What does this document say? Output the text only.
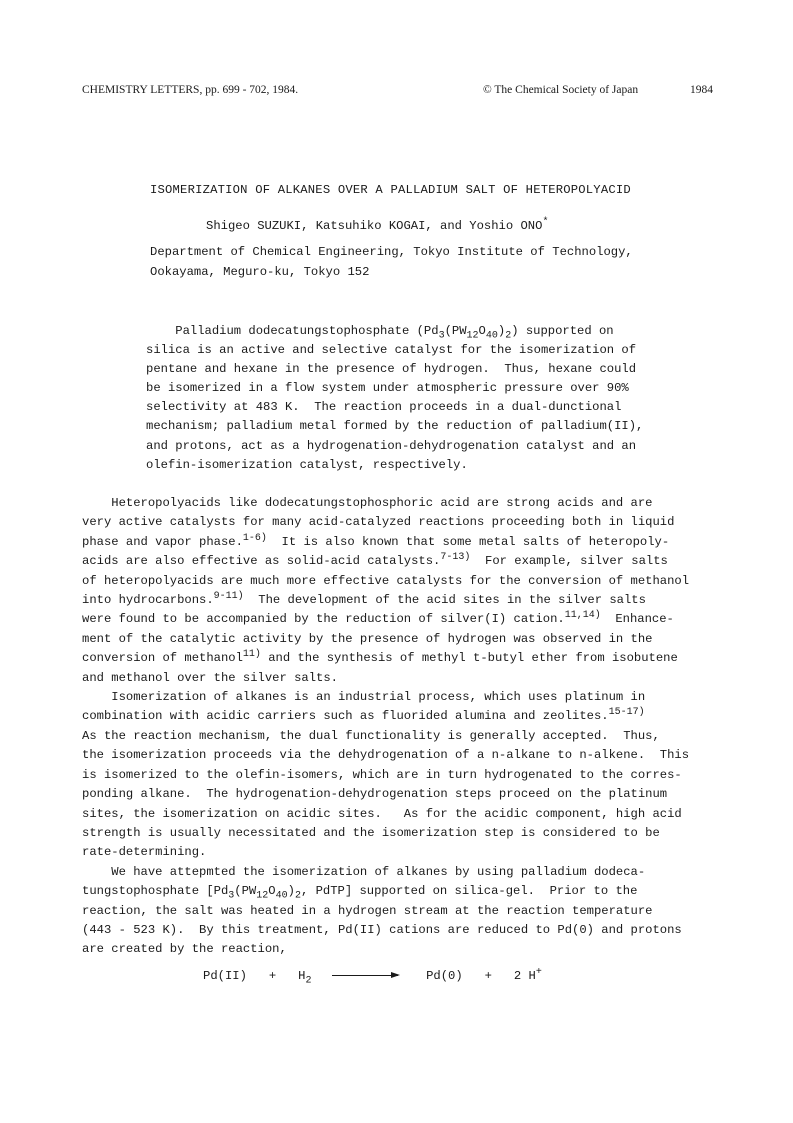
CHEMISTRY LETTERS, pp. 699 - 702, 1984.	© The Chemical Society of Japan	1984
ISOMERIZATION OF ALKANES OVER A PALLADIUM SALT OF HETEROPOLYACID
Shigeo SUZUKI, Katsuhiko KOGAI, and Yoshio ONO*
Department of Chemical Engineering, Tokyo Institute of Technology,
Ookayama, Meguro-ku, Tokyo 152
Palladium dodecatungstophosphate $(Pd_3(PW_{12}O_{40})_2)$ supported on
silica is an active and selective catalyst for the isomerization of
pentane and hexane in the presence of hydrogen.  Thus, hexane could
be isomerized in a flow system under atmospheric pressure over 90%
selectivity at 483 K.  The reaction proceeds in a dual-dunctional
mechanism; palladium metal formed by the reduction of palladium(II),
and protons, act as a hydrogenation-dehydrogenation catalyst and an
olefin-isomerization catalyst, respectively.
Heteropolyacids like dodecatungstophosphoric acid are strong acids and are
very active catalysts for many acid-catalyzed reactions proceeding both in liquid
phase and vapor phase.$^{1-6)}$  It is also known that some metal salts of heteropoly-
acids are also effective as solid-acid catalysts.$^{7-13)}$  For example, silver salts
of heteropolyacids are much more effective catalysts for the conversion of methanol
into hydrocarbons.$^{9-11)}$  The development of the acid sites in the silver salts
were found to be accompanied by the reduction of silver(I) cation.$^{11,14)}$  Enhance-
ment of the catalytic activity by the presence of hydrogen was observed in the
conversion of methanol$^{11)}$ and the synthesis of methyl t-butyl ether from isobutene
and methanol over the silver salts.
Isomerization of alkanes is an industrial process, which uses platinum in
combination with acidic carriers such as fluorided alumina and zeolites.$^{15-17)}$
As the reaction mechanism, the dual functionality is generally accepted.  Thus,
the isomerization proceeds via the dehydrogenation of a n-alkane to n-alkene.  This
is isomerized to the olefin-isomers, which are in turn hydrogenated to the corres-
ponding alkane.  The hydrogenation-dehydrogenation steps proceed on the platinum
sites, the isomerization on acidic sites.   As for the acidic component, high acid
strength is usually necessitated and the isomerization step is considered to be
rate-determining.
We have attepmted the isomerization of alkanes by using palladium dodeca-
tungstophosphate [$Pd_3(PW_{12}O_{40})_2$, PdTP] supported on silica-gel.  Prior to the
reaction, the salt was heated in a hydrogen stream at the reaction temperature
(443 - 523 K).  By this treatment, Pd(II) cations are reduced to Pd(0) and protons
are created by the reaction,
$Pd(II) + H_2$	Pd(0) + 2 H+
